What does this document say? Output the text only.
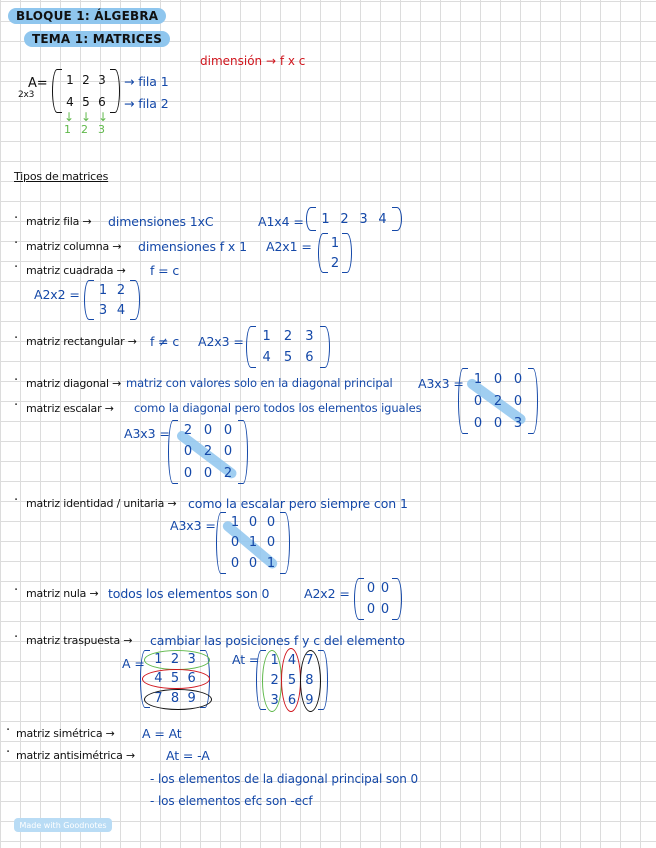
BLOQUE 1: ÁLGEBRA
TEMA 1: MATRICES
dimensión → f x c
A=
2x3
1 2 3
4 5 6
→ fila 1
→ fila 2
↓ ↓ ↓
1 2 3
Tipos de matrices
· matriz fila → dimensiones 1xC	A1x4 = 1 2 3 4
· matriz columna → dimensiones f x 1 A2x1 = 1
2
· matriz cuadrada → f = c
A2x2 = 1 2
3 4
· matriz rectangular → f ≠ c A2x3 = 1 2 3
4 5 6
· matriz diagonal → matriz con valores solo en la diagonal principal A3x3 = 1 0 0
0 2 0
0 0 3
· matriz escalar → como la diagonal pero todos los elementos iguales
A3x3 = 2 0 0
0 2 0
0 0 2
· matriz identidad / unitaria → como la escalar pero siempre con 1
A3x3 = 1 0 0
0 1 0
0 0 1
· matriz nula → todos los elementos son 0	A2x2 = 0 0
0 0
· matriz traspuesta → cambiar las posiciones f y c del elemento
A = 1 2 3
4 5 6
7 8 9
At = 1 4 7
2 5 8
3 6 9
· matriz simétrica → A = At
· matriz antisimétrica → At = -A
- los elementos de la diagonal principal son 0
- los elementos efc son -ecf
Made with Goodnotes
